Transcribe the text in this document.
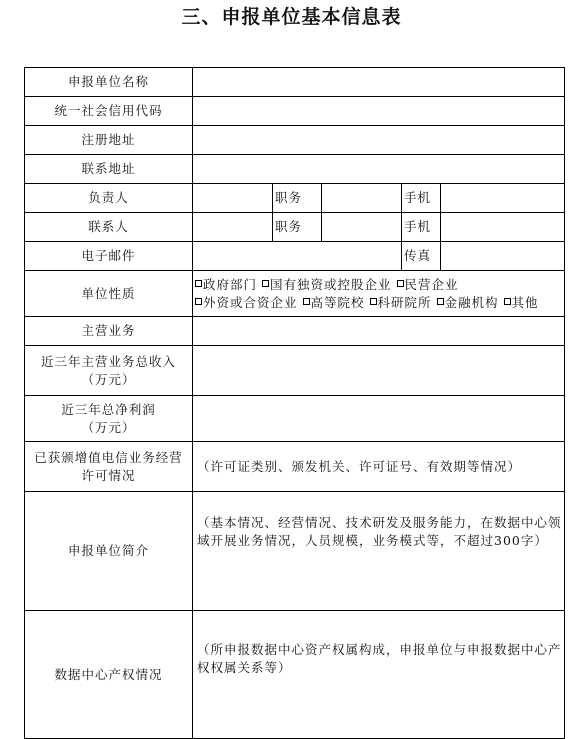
三、申报单位基本信息表
申报单位名称					
统一社会信用代码					
注册地址					
联系地址					
负责人		职务		手机	
联系人		职务		手机	
电子邮件				传真	
单位性质	政府部门 国有独资或控股企业 民营企业 外资或合资企业 高等院校 科研院所 金融机构 其他				
主营业务					

近三年主营业务总收入
（万元）					

近三年总净利润
（万元）					

已获颁增值电信业务经营
许可情况	（许可证类别、颁发机关、许可证号、有效期等情况）				

申报单位简介	（基本情况、经营情况、技术研发及服务能力，在数据中心领域开展业务情况，人员规模，业务模式等，不超过300字）				

数据中心产权情况	（所申报数据中心资产权属构成，申报单位与申报数据中心产权权属关系等）				
